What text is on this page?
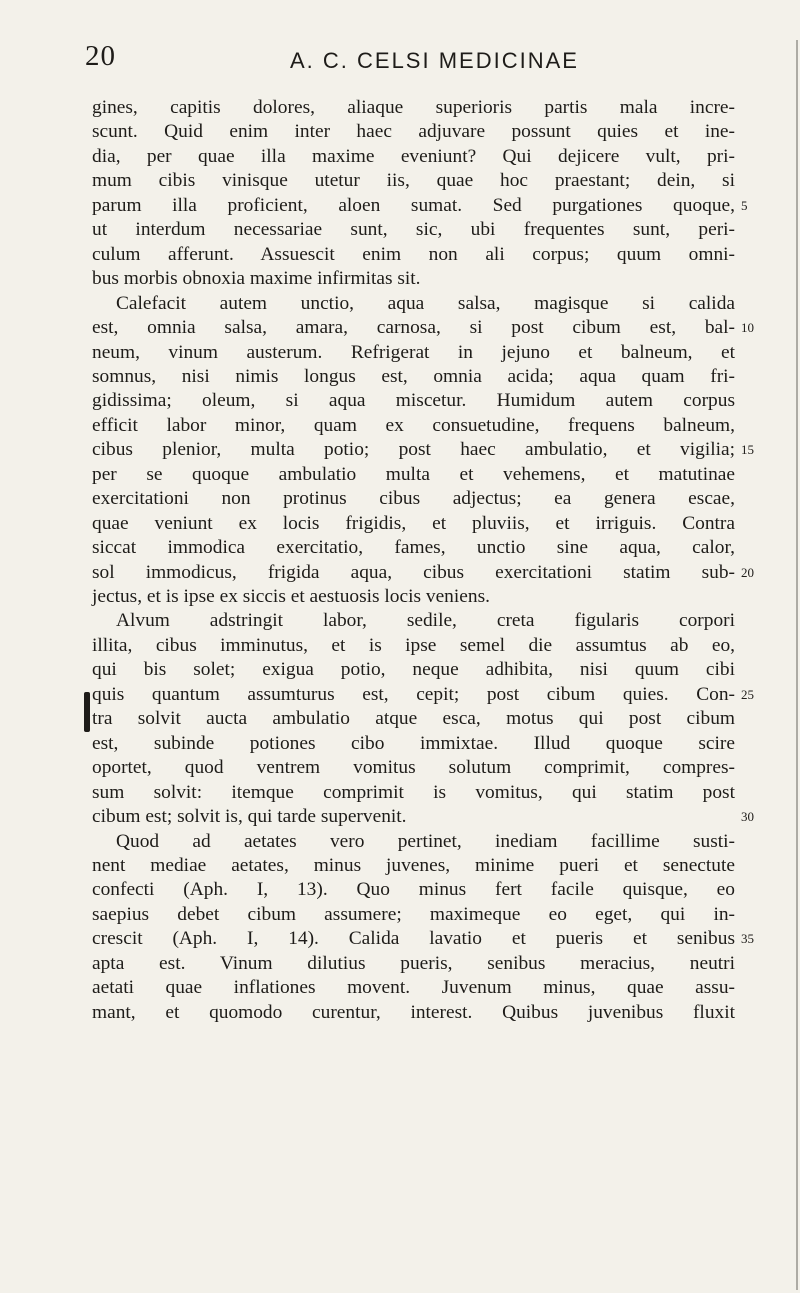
20	A. C. CELSI MEDICINAE
gines, capitis dolores, aliaque superioris partis mala incre-
scunt. Quid enim inter haec adjuvare possunt quies et ine-
dia, per quae illa maxime eveniunt? Qui dejicere vult, pri-
mum cibis vinisque utetur iis, quae hoc praestant; dein, si
parum illa proficient, aloen sumat. Sed purgationes quoque, 5
ut interdum necessariae sunt, sic, ubi frequentes sunt, peri-
culum afferunt. Assuescit enim non ali corpus; quum omni-
bus morbis obnoxia maxime infirmitas sit.
Calefacit autem unctio, aqua salsa, magisque si calida
est, omnia salsa, amara, carnosa, si post cibum est, bal- 10
neum, vinum austerum. Refrigerat in jejuno et balneum, et
somnus, nisi nimis longus est, omnia acida; aqua quam fri-
gidissima; oleum, si aqua miscetur. Humidum autem corpus
efficit labor minor, quam ex consuetudine, frequens balneum,
cibus plenior, multa potio; post haec ambulatio, et vigilia; 15
per se quoque ambulatio multa et vehemens, et matutinae
exercitationi non protinus cibus adjectus; ea genera escae,
quae veniunt ex locis frigidis, et pluviis, et irriguis. Contra
siccat immodica exercitatio, fames, unctio sine aqua, calor,
sol immodicus, frigida aqua, cibus exercitationi statim sub- 20
jectus, et is ipse ex siccis et aestuosis locis veniens.
Alvum adstringit labor, sedile, creta figularis corpori
illita, cibus imminutus, et is ipse semel die assumtus ab eo,
qui bis solet; exigua potio, neque adhibita, nisi quum cibi
quis quantum assumturus est, cepit; post cibum quies. Con- 25
tra solvit aucta ambulatio atque esca, motus qui post cibum
est, subinde potiones cibo immixtae. Illud quoque scire
oportet, quod ventrem vomitus solutum comprimit, compres-
sum solvit: itemque comprimit is vomitus, qui statim post
cibum est; solvit is, qui tarde supervenit.	30
Quod ad aetates vero pertinet, inediam facillime susti-
nent mediae aetates, minus juvenes, minime pueri et senectute
confecti (Aph. I, 13). Quo minus fert facile quisque, eo
saepius debet cibum assumere; maximeque eo eget, qui in-
crescit (Aph. I, 14). Calida lavatio et pueris et senibus 35
apta est. Vinum dilutius pueris, senibus meracius, neutri
aetati quae inflationes movent. Juvenum minus, quae assu-
mant, et quomodo curentur, interest. Quibus juvenibus fluxit
